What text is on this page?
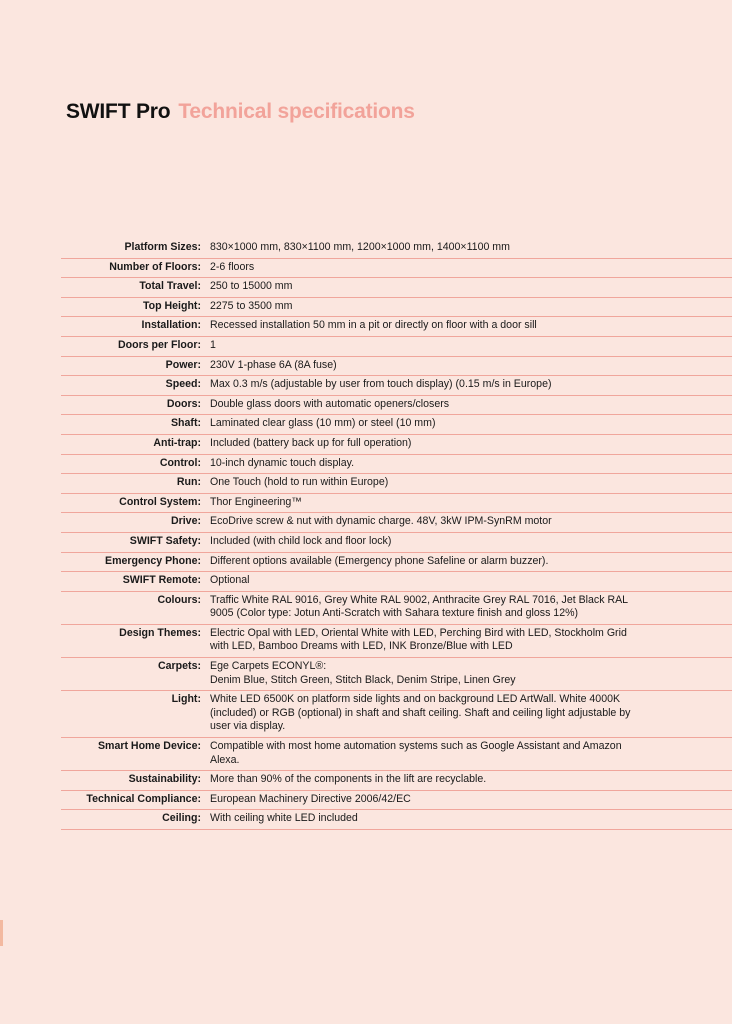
SWIFT Pro Technical specifications
Platform Sizes: 830×1000 mm, 830×1100 mm, 1200×1000 mm, 1400×1100 mm
Number of Floors: 2-6 floors
Total Travel: 250 to 15000 mm
Top Height: 2275 to 3500 mm
Installation: Recessed installation 50 mm in a pit or directly on floor with a door sill
Doors per Floor: 1
Power: 230V 1-phase 6A (8A fuse)
Speed: Max 0.3 m/s (adjustable by user from touch display) (0.15 m/s in Europe)
Doors: Double glass doors with automatic openers/closers
Shaft: Laminated clear glass (10 mm) or steel (10 mm)
Anti-trap: Included (battery back up for full operation)
Control: 10-inch dynamic touch display.
Run: One Touch (hold to run within Europe)
Control System: Thor Engineering™
Drive: EcoDrive screw & nut with dynamic charge. 48V, 3kW IPM-SynRM motor
SWIFT Safety: Included (with child lock and floor lock)
Emergency Phone: Different options available (Emergency phone Safeline or alarm buzzer).
SWIFT Remote: Optional
Colours: Traffic White RAL 9016, Grey White RAL 9002, Anthracite Grey RAL 7016, Jet Black RAL 9005 (Color type: Jotun Anti-Scratch with Sahara texture finish and gloss 12%)
Design Themes: Electric Opal with LED, Oriental White with LED, Perching Bird with LED, Stockholm Grid with LED, Bamboo Dreams with LED, INK Bronze/Blue with LED
Carpets: Ege Carpets ECONYL®:
Denim Blue, Stitch Green, Stitch Black, Denim Stripe, Linen Grey
Light: White LED 6500K on platform side lights and on background LED ArtWall. White 4000K (included) or RGB (optional) in shaft and shaft ceiling. Shaft and ceiling light adjustable by user via display.
Smart Home Device: Compatible with most home automation systems such as Google Assistant and Amazon Alexa.
Sustainability: More than 90% of the components in the lift are recyclable.
Technical Compliance: European Machinery Directive 2006/42/EC
Ceiling: With ceiling white LED included
